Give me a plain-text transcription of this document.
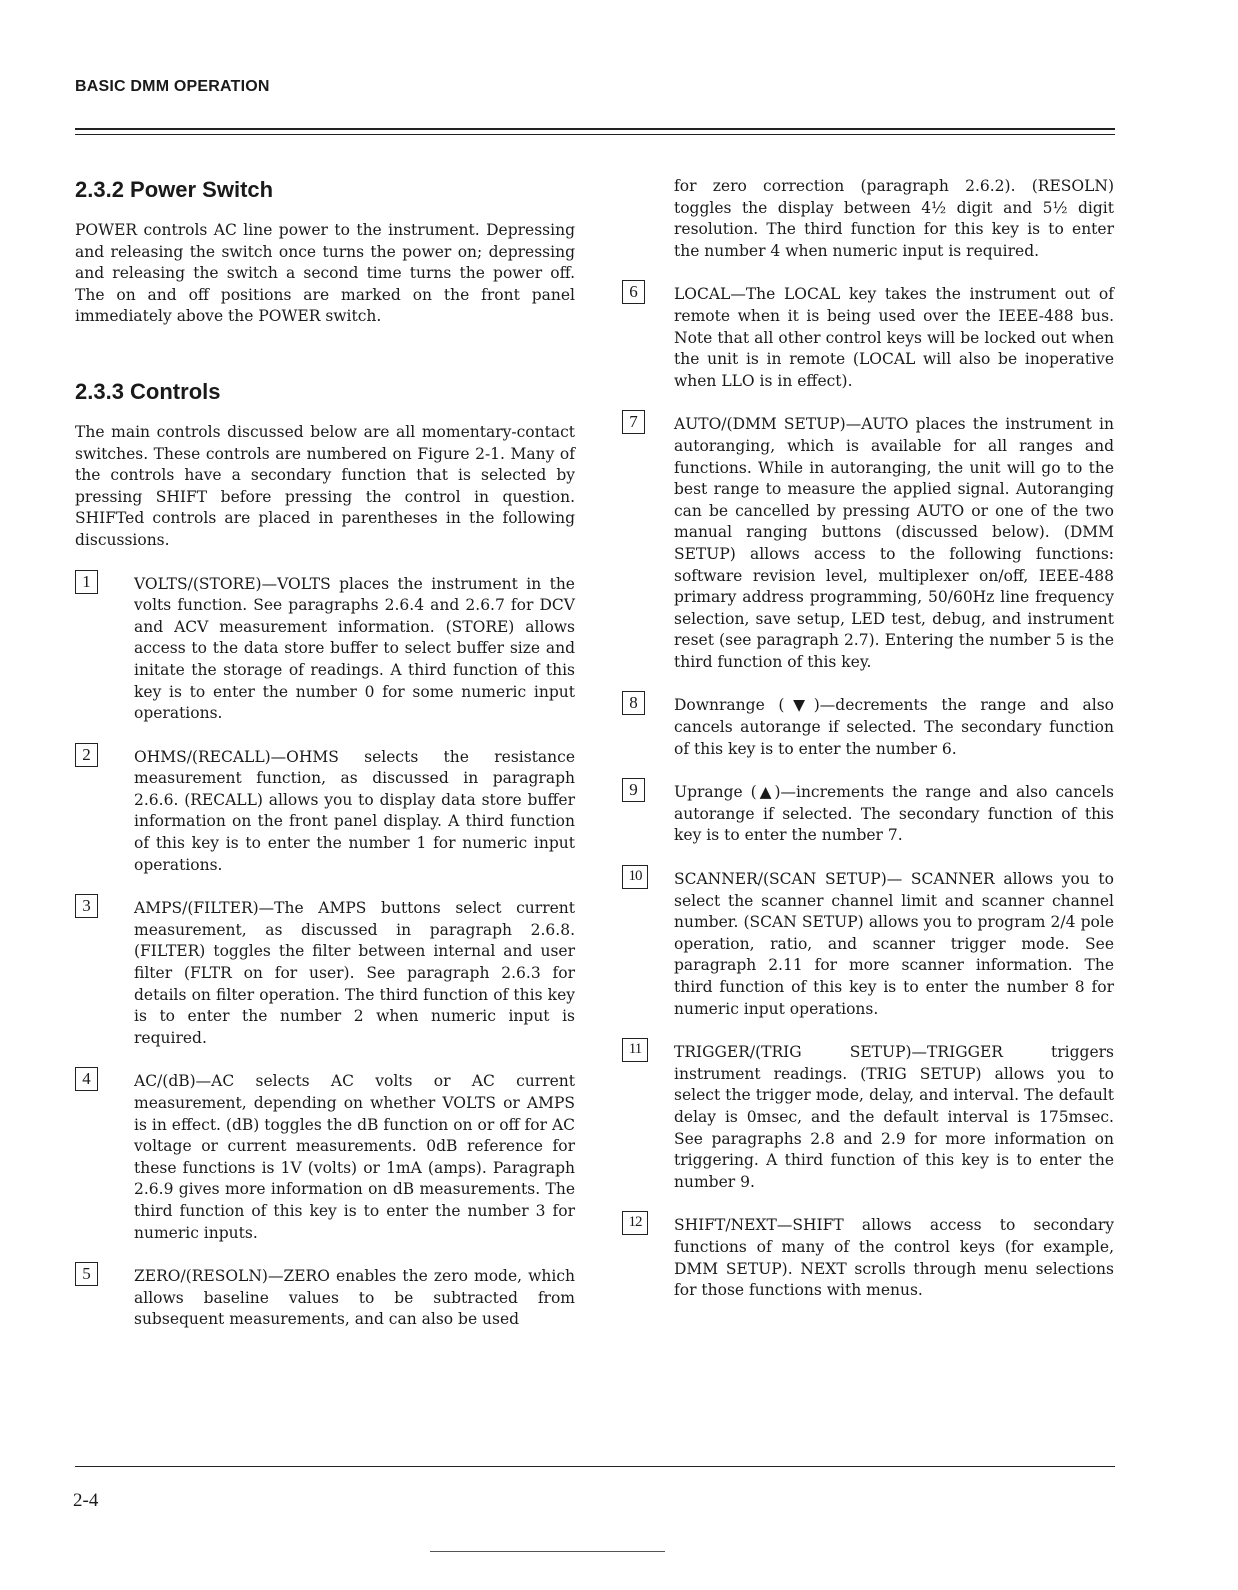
BASIC DMM OPERATION
2.3.2 Power Switch

POWER controls AC line power to the instrument. Depressing and releasing the switch once turns the power on; depressing and releasing the switch a second time turns the power off. The on and off positions are marked on the front panel immediately above the POWER switch.

2.3.3 Controls

The main controls discussed below are all momentary-contact switches. These controls are numbered on Figure 2-1. Many of the controls have a secondary function that is selected by pressing SHIFT before pressing the control in question. SHIFTed controls are placed in parentheses in the following discussions.

1	VOLTS/(STORE)—VOLTS places the instrument in the volts function. See paragraphs 2.6.4 and 2.6.7 for DCV and ACV measurement information. (STORE) allows access to the data store buffer to select buffer size and initate the storage of readings. A third function of this key is to enter the number 0 for some numeric input operations.

2	OHMS/(RECALL)—OHMS selects the resistance measurement function, as discussed in paragraph 2.6.6. (RECALL) allows you to display data store buffer information on the front panel display. A third function of this key is to enter the number 1 for numeric input operations.

3	AMPS/(FILTER)—The AMPS buttons select current measurement, as discussed in paragraph 2.6.8. (FILTER) toggles the filter between internal and user filter (FLTR on for user). See paragraph 2.6.3 for details on filter operation. The third function of this key is to enter the number 2 when numeric input is required.

4	AC/(dB)—AC selects AC volts or AC current measurement, depending on whether VOLTS or AMPS is in effect. (dB) toggles the dB function on or off for AC voltage or current measurements. 0dB reference for these functions is 1V (volts) or 1mA (amps). Paragraph 2.6.9 gives more information on dB measurements. The third function of this key is to enter the number 3 for numeric inputs.

5	ZERO/(RESOLN)—ZERO enables the zero mode, which allows baseline values to be subtracted from subsequent measurements, and can also be used

for zero correction (paragraph 2.6.2). (RESOLN) toggles the display between 4½ digit and 5½ digit resolution. The third function for this key is to enter the number 4 when numeric input is required.

6	LOCAL—The LOCAL key takes the instrument out of remote when it is being used over the IEEE-488 bus. Note that all other control keys will be locked out when the unit is in remote (LOCAL will also be inoperative when LLO is in effect).

7	AUTO/(DMM SETUP)—AUTO places the instrument in autoranging, which is available for all ranges and functions. While in autoranging, the unit will go to the best range to measure the applied signal. Autoranging can be cancelled by pressing AUTO or one of the two manual ranging buttons (discussed below). (DMM SETUP) allows access to the following functions: software revision level, multiplexer on/off, IEEE-488 primary address programming, 50/60Hz line frequency selection, save setup, LED test, debug, and instrument reset (see paragraph 2.7). Entering the number 5 is the third function of this key.

8	Downrange (▼)—decrements the range and also cancels autorange if selected. The secondary function of this key is to enter the number 6.

9	Uprange (▲)—increments the range and also cancels autorange if selected. The secondary function of this key is to enter the number 7.

10	SCANNER/(SCAN SETUP)— SCANNER allows you to select the scanner channel limit and scanner channel number. (SCAN SETUP) allows you to program 2/4 pole operation, ratio, and scanner trigger mode. See paragraph 2.11 for more scanner information. The third function of this key is to enter the number 8 for numeric input operations.

11	TRIGGER/(TRIG SETUP)—TRIGGER triggers instrument readings. (TRIG SETUP) allows you to select the trigger mode, delay, and interval. The default delay is 0msec, and the default interval is 175msec. See paragraphs 2.8 and 2.9 for more information on triggering. A third function of this key is to enter the number 9.

12	SHIFT/NEXT—SHIFT allows access to secondary functions of many of the control keys (for example, DMM SETUP). NEXT scrolls through menu selections for those functions with menus.

2-4
